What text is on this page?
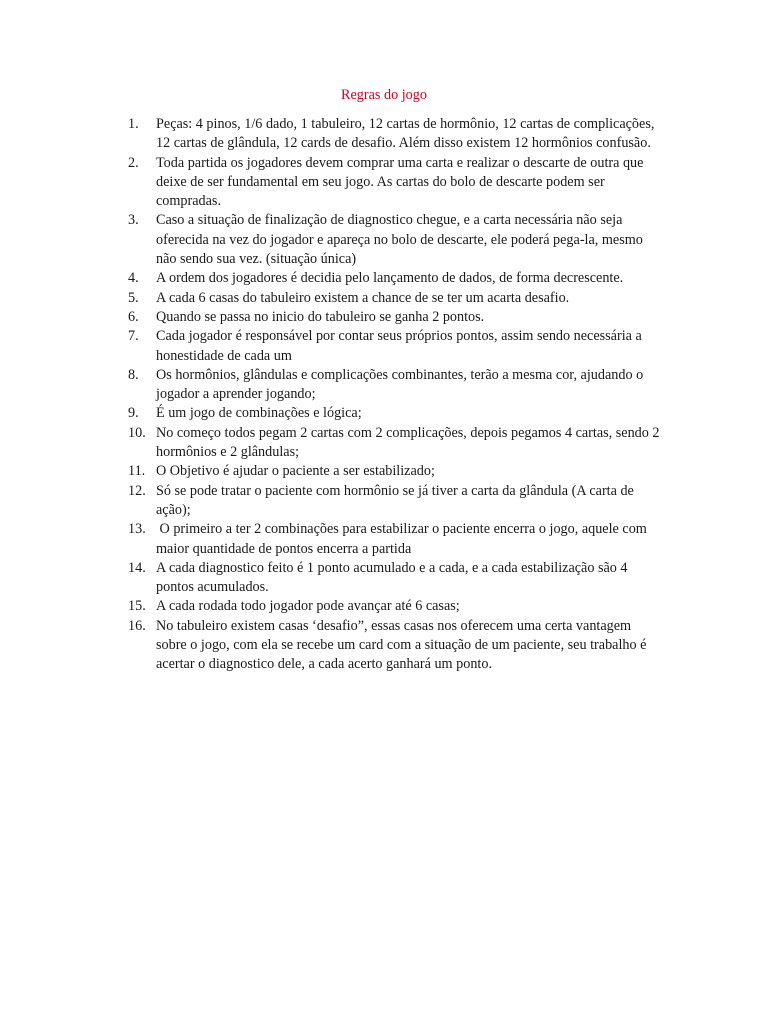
Regras do jogo
1.	Peças: 4 pinos, 1/6 dado, 1 tabuleiro, 12 cartas de hormônio, 12 cartas de complicações, 12 cartas de glândula, 12 cards de desafio. Além disso existem 12 hormônios confusão.
2.	Toda partida os jogadores devem comprar uma carta e realizar o descarte de outra que deixe de ser fundamental em seu jogo. As cartas do bolo de descarte podem ser compradas.
3.	Caso a situação de finalização de diagnostico chegue, e a carta necessária não seja oferecida na vez do jogador e apareça no bolo de descarte, ele poderá pega-la, mesmo não sendo sua vez. (situação única)
4.	A ordem dos jogadores é decidia pelo lançamento de dados, de forma decrescente.
5.	A cada 6 casas do tabuleiro existem a chance de se ter um acarta desafio.
6.	Quando se passa no inicio do tabuleiro se ganha 2 pontos.
7.	Cada jogador é responsável por contar seus próprios pontos, assim sendo necessária a honestidade de cada um
8.	Os hormônios, glândulas e complicações combinantes, terão a mesma cor, ajudando o jogador a aprender jogando;
9.	É um jogo de combinações e lógica;
10. No começo todos pegam 2 cartas com 2 complicações, depois pegamos 4 cartas, sendo 2 hormônios e 2 glândulas;
11. O Objetivo é ajudar o paciente a ser estabilizado;
12. Só se pode tratar o paciente com hormônio se já tiver a carta da glândula (A carta de ação);
13. O primeiro a ter 2 combinações para estabilizar o paciente encerra o jogo, aquele com maior quantidade de pontos encerra a partida
14. A cada diagnostico feito é 1 ponto acumulado e a cada, e a cada estabilização são 4 pontos acumulados.
15. A cada rodada todo jogador pode avançar até 6 casas;
16. No tabuleiro existem casas ‘desafio”, essas casas nos oferecem uma certa vantagem sobre o jogo, com ela se recebe um card com a situação de um paciente, seu trabalho é acertar o diagnostico dele, a cada acerto ganhará um ponto.
